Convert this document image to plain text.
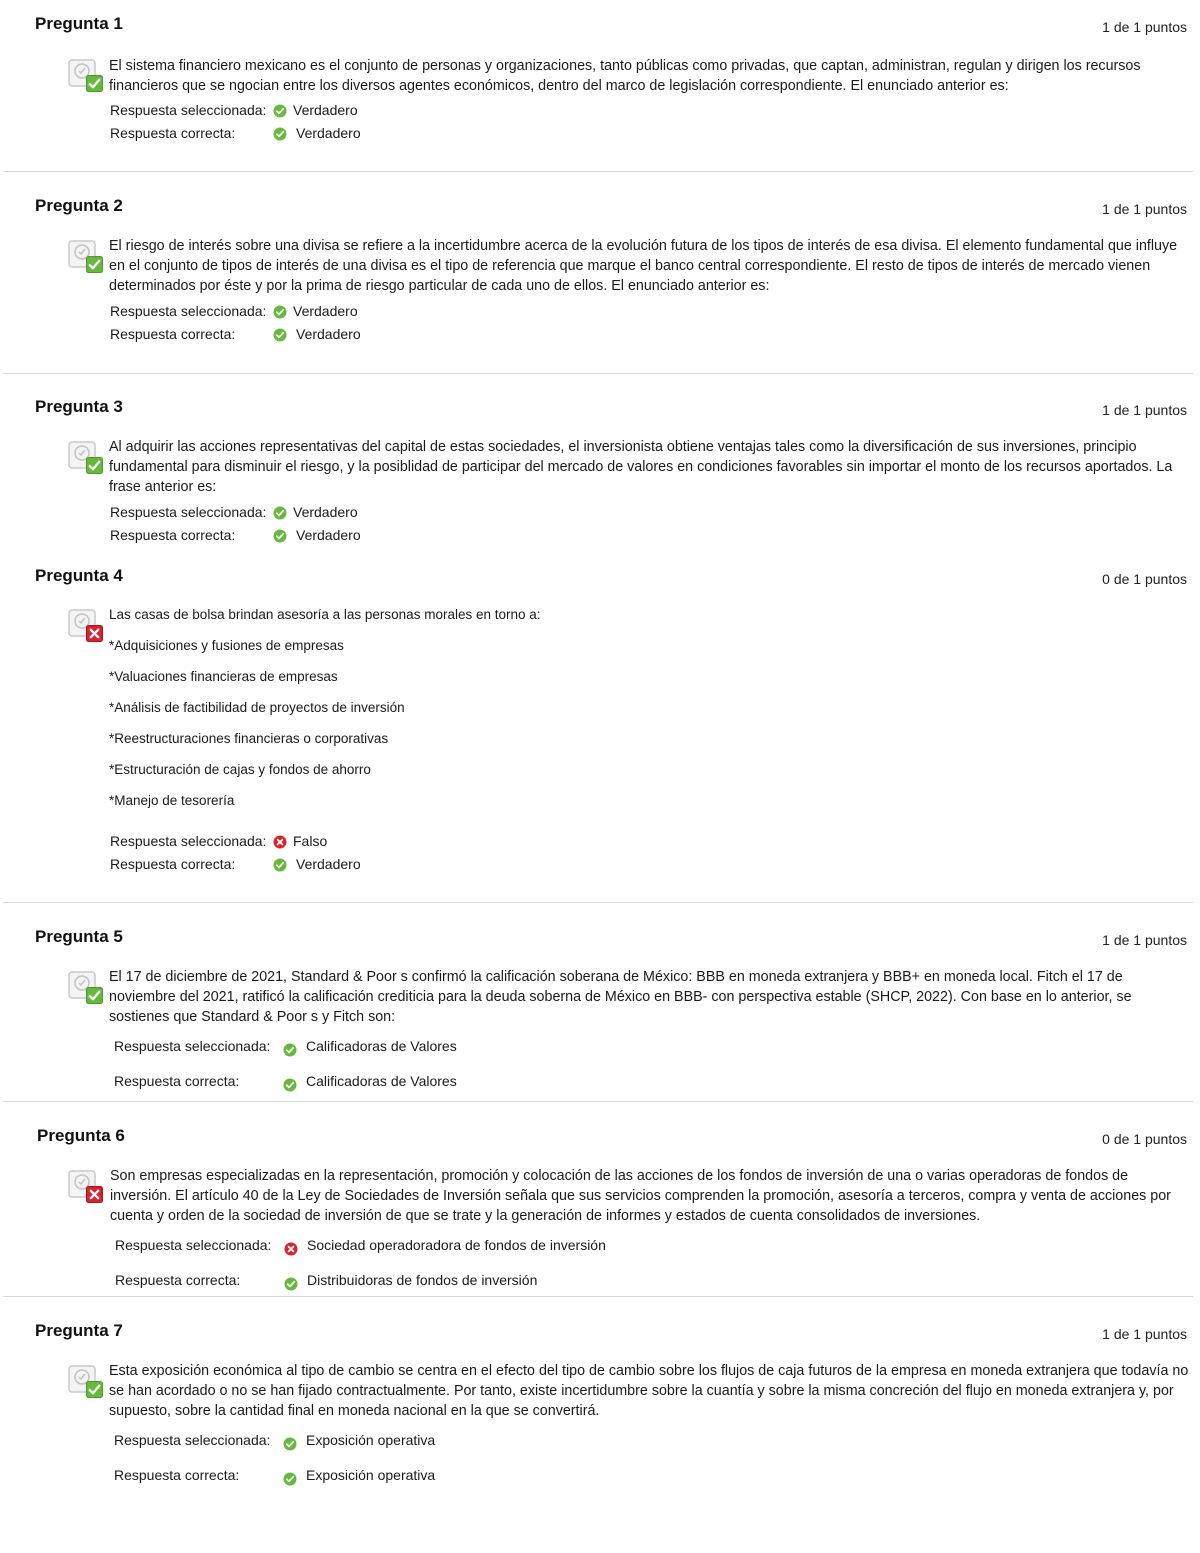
Pregunta 1	1 de 1 puntos
El sistema financiero mexicano es el conjunto de personas y organizaciones, tanto públicas como privadas, que captan, administran, regulan y dirigen los recursos financieros que se ngocian entre los diversos agentes económicos, dentro del marco de legislación correspondiente. El enunciado anterior es:
Respuesta seleccionada: Verdadero
Respuesta correcta:	Verdadero
Pregunta 2	1 de 1 puntos
El riesgo de interés sobre una divisa se refiere a la incertidumbre acerca de la evolución futura de los tipos de interés de esa divisa. El elemento fundamental que influye en el conjunto de tipos de interés de una divisa es el tipo de referencia que marque el banco central correspondiente. El resto de tipos de interés de mercado vienen determinados por éste y por la prima de riesgo particular de cada uno de ellos. El enunciado anterior es:
Respuesta seleccionada: Verdadero
Respuesta correcta:	Verdadero
Pregunta 3	1 de 1 puntos
Al adquirir las acciones representativas del capital de estas sociedades, el inversionista obtiene ventajas tales como la diversificación de sus inversiones, principio fundamental para disminuir el riesgo, y la posiblidad de participar del mercado de valores en condiciones favorables sin importar el monto de los recursos aportados. La frase anterior es:
Respuesta seleccionada: Verdadero
Respuesta correcta:	Verdadero
Pregunta 4	0 de 1 puntos

Las casas de bolsa brindan asesoría a las personas morales en torno a:

*Adquisiciones y fusiones de empresas

*Valuaciones financieras de empresas

*Análisis de factibilidad de proyectos de inversión

*Reestructuraciones financieras o corporativas

*Estructuración de cajas y fondos de ahorro

*Manejo de tesorería

Respuesta seleccionada: Falso
Respuesta correcta:	Verdadero
Pregunta 5	1 de 1 puntos
El 17 de diciembre de 2021, Standard & Poor s confirmó la calificación soberana de México: BBB en moneda extranjera y BBB+ en moneda local. Fitch el 17 de noviembre del 2021, ratificó la calificación crediticia para la deuda soberna de México en BBB- con perspectiva estable (SHCP, 2022). Con base en lo anterior, se sostienes que Standard & Poor s y Fitch son:
Respuesta seleccionada:	Calificadoras de Valores
Respuesta correcta:	Calificadoras de Valores
Pregunta 6	0 de 1 puntos
Son empresas especializadas en la representación, promoción y colocación de las acciones de los fondos de inversión de una o varias operadoras de fondos de inversión. El artículo 40 de la Ley de Sociedades de Inversión señala que sus servicios comprenden la promoción, asesoría a terceros, compra y venta de acciones por cuenta y orden de la sociedad de inversión de que se trate y la generación de informes y estados de cuenta consolidados de inversiones.
Respuesta seleccionada:	Sociedad operadoradora de fondos de inversión
Respuesta correcta:	Distribuidoras de fondos de inversión
Pregunta 7	1 de 1 puntos
Esta exposición económica al tipo de cambio se centra en el efecto del tipo de cambio sobre los flujos de caja futuros de la empresa en moneda extranjera que todavía no se han acordado o no se han fijado contractualmente. Por tanto, existe incertidumbre sobre la cuantía y sobre la misma concreción del flujo en moneda extranjera y, por supuesto, sobre la cantidad final en moneda nacional en la que se convertirá.
Respuesta seleccionada:	Exposición operativa
Respuesta correcta:	Exposición operativa
